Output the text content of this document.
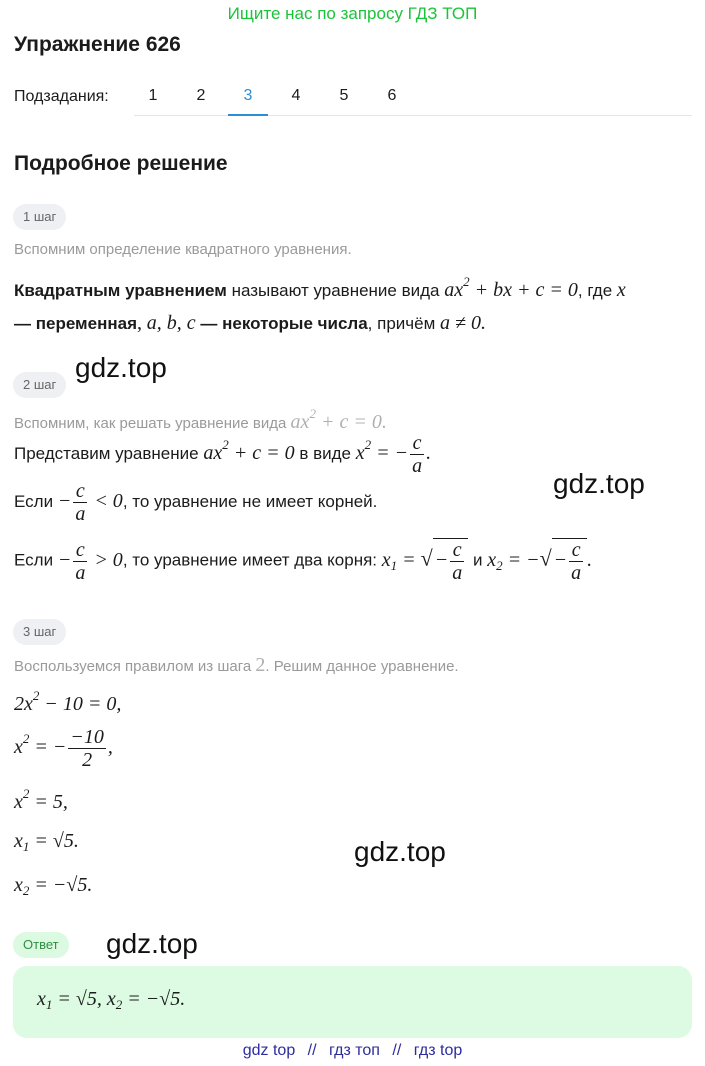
Ищите нас по запросу ГДЗ ТОП
Упражнение 626
Подзадания:	1	2	3	4	5	6
Подробное решение
1 шаг
Вспомним определение квадратного уравнения.
Квадратным уравнением называют уравнение вида $ax^2$ + bx + c = 0, где x
— переменная, a, b, c — некоторые числа, причём a ≠ 0.
gdz.top
2 шаг
Вспомним, как решать уравнение вида $ax^2 + c = 0$.
Представим уравнение $ax^2 + c = 0$ в виде $x^2$ = − $\frac{c}{a}$ .
gdz.top
Если − $\frac{c}{a} < 0$, то уравнение не имеет корней.
Если − $\frac{c}{a} > 0$, то уравнение имеет два корня: $x_1$ = √ − $\frac{c}{a}$ и $x_2$ = −√ − $\frac{c}{a}$ .
3 шаг
Воспользуемся правилом из шага 2. Решим данное уравнение.
$2x^2 - 10 = 0$,
$x^2$ = − $\frac{-10}{2}$ ,
$x^2 = 5$,
$x_1 = √5$.	gdz.top
$x_2 = -√5$.
Ответ	gdz.top
$x_1 = √5$, $x_2 = -√5$.
gdz top // гдз топ // гдз top
